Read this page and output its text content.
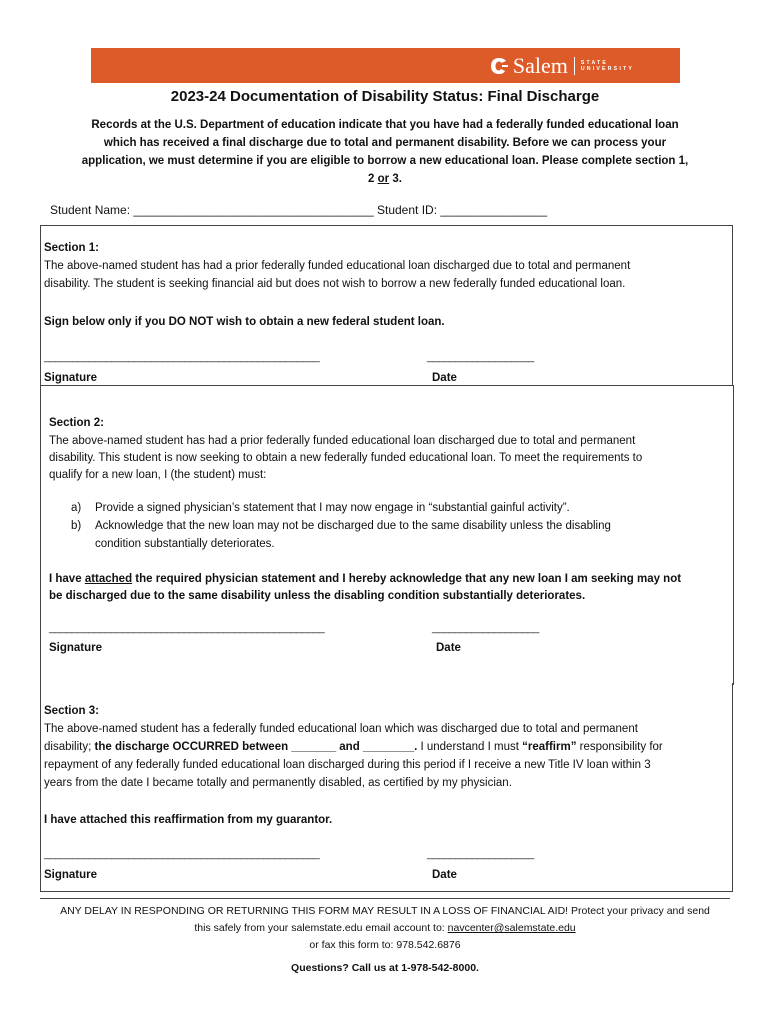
Salem	STATE
UNIVERSITY
2023-24 Documentation of Disability Status: Final Discharge
Records at the U.S. Department of education indicate that you have had a federally funded educational loan
which has received a final discharge due to total and permanent disability. Before we can process your
application, we must determine if you are eligible to borrow a new educational loan. Please complete section 1,
2 or 3.
Student Name: ____________________________________ Student ID: ________________
Section 1:
The above-named student has had a prior federally funded educational loan discharged due to total and permanent
disability. The student is seeking financial aid but does not wish to borrow a new federally funded educational loan.
Sign below only if you DO NOT wish to obtain a new federal student loan.
_________________________________________________	___________________
Signature	Date
Section 2:
The above-named student has had a prior federally funded educational loan discharged due to total and permanent
disability. This student is now seeking to obtain a new federally funded educational loan. To meet the requirements to
qualify for a new loan, I (the student) must:
a) Provide a signed physician’s statement that I may now engage in “substantial gainful activity”.
b) Acknowledge that the new loan may not be discharged due to the same disability unless the disabling
condition substantially deteriorates.
I have attached the required physician statement and I hereby acknowledge that any new loan I am seeking may not
be discharged due to the same disability unless the disabling condition substantially deteriorates.
_________________________________________________	___________________
Signature	Date
Section 3:
The above-named student has a federally funded educational loan which was discharged due to total and permanent
disability; the discharge OCCURRED between _______ and ________. I understand I must “reaffirm” responsibility for
repayment of any federally funded educational loan discharged during this period if I receive a new Title IV loan within 3
years from the date I became totally and permanently disabled, as certified by my physician.
I have attached this reaffirmation from my guarantor.
_________________________________________________	___________________
Signature	Date
ANY DELAY IN RESPONDING OR RETURNING THIS FORM MAY RESULT IN A LOSS OF FINANCIAL AID! Protect your privacy and send
this safely from your salemstate.edu email account to: navcenter@salemstate.edu
or fax this form to: 978.542.6876
Questions? Call us at 1-978-542-8000.
